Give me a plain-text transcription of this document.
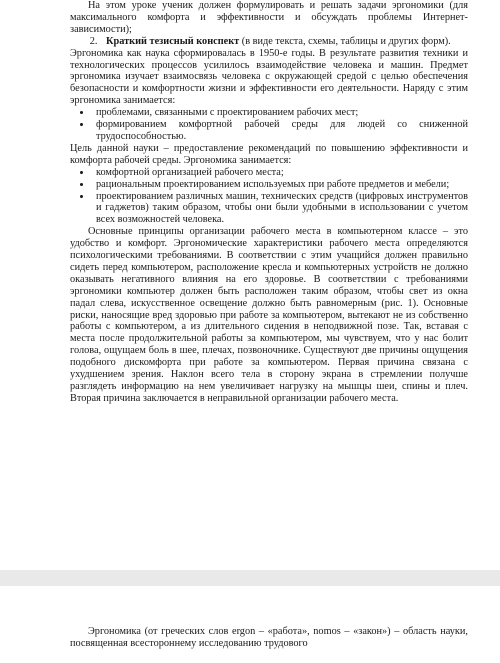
На этом уроке ученик должен формулировать и решать задачи эргономики (для максимального комфорта и эффективности и обсуждать проблемы Интернет-зависимости);

2. Краткий тезисный конспект (в виде текста, схемы, таблицы и других форм).

Эргономика как наука сформировалась в 1950-е годы. В результате развития техники и технологических процессов усилилось взаимодействие человека и машин. Предмет эргономика изучает взаимосвязь человека с окружающей средой с целью обеспечения безопасности и комфортности жизни и эффективности его деятельности. Наряду с этим эргономика занимается:

• проблемами, связанными с проектированием рабочих мест;
• формированием комфортной рабочей среды для людей со сниженной трудоспособностью.

Цель данной науки – предоставление рекомендаций по повышению эффективности и комфорта рабочей среды. Эргономика занимается:

• комфортной организацией рабочего места;
• рациональным проектированием используемых при работе предметов и мебели;
• проектированием различных машин, технических средств (цифровых инструментов и гаджетов) таким образом, чтобы они были удобными в использовании с учетом всех возможностей человека.

Основные принципы организации рабочего места в компьютерном классе – это удобство и комфорт. Эргономические характеристики рабочего места определяются психологическими требованиями. В соответствии с этим учащийся должен правильно сидеть перед компьютером, расположение кресла и компьютерных устройств не должно оказывать негативного влияния на его здоровье. В соответствии с требованиями эргономики компьютер должен быть расположен таким образом, чтобы свет из окна падал слева, искусственное освещение должно быть равномерным (рис. 1). Основные риски, наносящие вред здоровью при работе за компьютером, вытекают не из собственно работы с компьютером, а из длительного сидения в неподвижной позе. Так, вставая с места после продолжительной работы за компьютером, мы чувствуем, что у нас болит голова, ощущаем боль в шее, плечах, позвоночнике. Существуют две причины ощущения подобного дискомфорта при работе за компьютером. Первая причина связана с ухудшением зрения. Наклон всего тела в сторону экрана в стремлении получше разглядеть информацию на нем увеличивает нагрузку на мышцы шеи, спины и плеч. Вторая причина заключается в неправильной организации рабочего места.

Эргономика (от греческих слов ergon – «работа», nomos – «закон») – область науки, посвященная всестороннему исследованию трудового
